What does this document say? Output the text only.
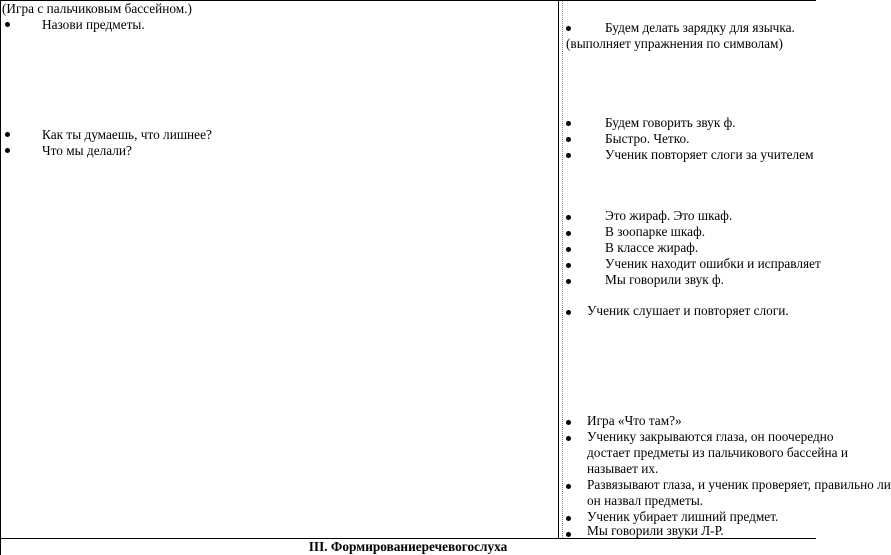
(Игра с пальчиковым бассейном.)
Назови предметы.
Как ты думаешь, что лишнее?
Что мы делали?
Будем делать зарядку для язычка.
(выполняет упражнения по символам)
Будем говорить звук ф.
Быстро. Четко.
Ученик повторяет слоги за учителем
Это жираф. Это шкаф.
В зоопарке шкаф.
В классе жираф.
Ученик находит ошибки и исправляет
Мы говорили звук ф.
Ученик слушает и повторяет слоги.
Игра «Что там?»
Ученику закрываются глаза, он поочередно
достает предметы из пальчикового бассейна и
называет их.
Развязывают глаза, и ученик проверяет, правильно ли
он назвал предметы.
Ученик убирает лишний предмет.
Мы говорили звуки Л-Р.
III. Формированиеречевогослуха
